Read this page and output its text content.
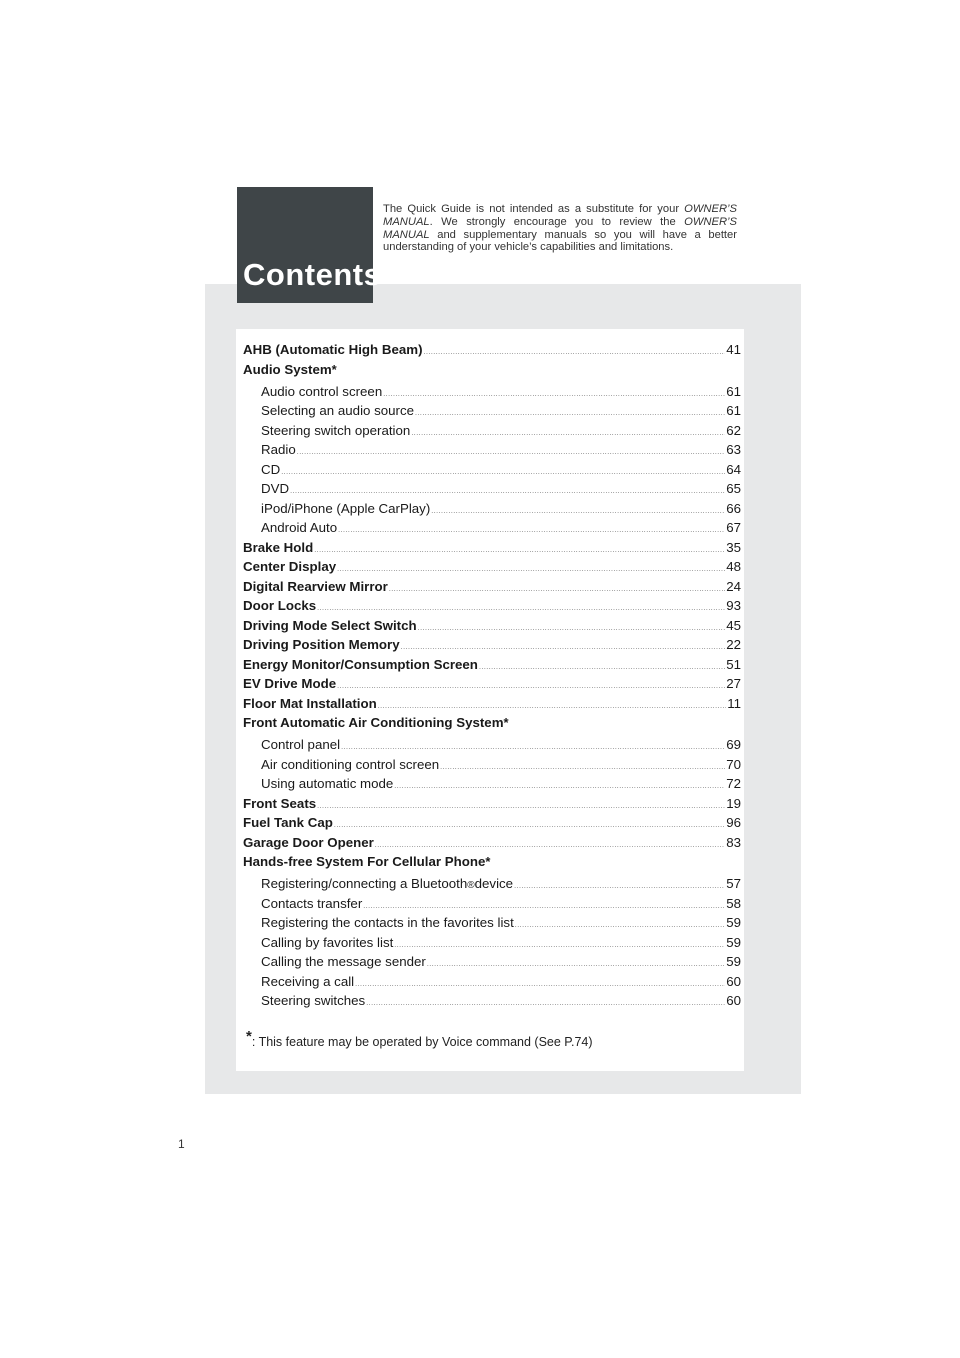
Contents
The Quick Guide is not intended as a substitute for your OWNER’S MANUAL. We strongly encourage you to review the OWNER’S MANUAL and supplementary manuals so you will have a better understanding of your vehicle’s capabilities and limitations.
AHB (Automatic High Beam) .....	41
Audio System *
Audio control screen .....	61
Selecting an audio source .....	61
Steering switch operation .....	62
Radio .....	63
CD .....	64
DVD .....	65
iPod/iPhone (Apple CarPlay) .....	66
Android Auto .....	67
Brake Hold .....	35
Center Display .....	48
Digital Rearview Mirror .....	24
Door Locks .....	93
Driving Mode Select Switch .....	45
Driving Position Memory .....	22
Energy Monitor/Consumption Screen .....	51
EV Drive Mode .....	27
Floor Mat Installation .....	11
Front Automatic Air Conditioning System *
Control panel .....	69
Air conditioning control screen .....	70
Using automatic mode .....	72
Front Seats .....	19
Fuel Tank Cap .....	96
Garage Door Opener .....	83
Hands-free System For Cellular Phone *
Registering/connecting a Bluetooth ® device .....	57
Contacts transfer .....	58
Registering the contacts in the favorites list .....	59
Calling by favorites list .....	59
Calling the message sender .....	59
Receiving a call .....	60
Steering switches .....	60
*: This feature may be operated by Voice command (See P.74)
1
